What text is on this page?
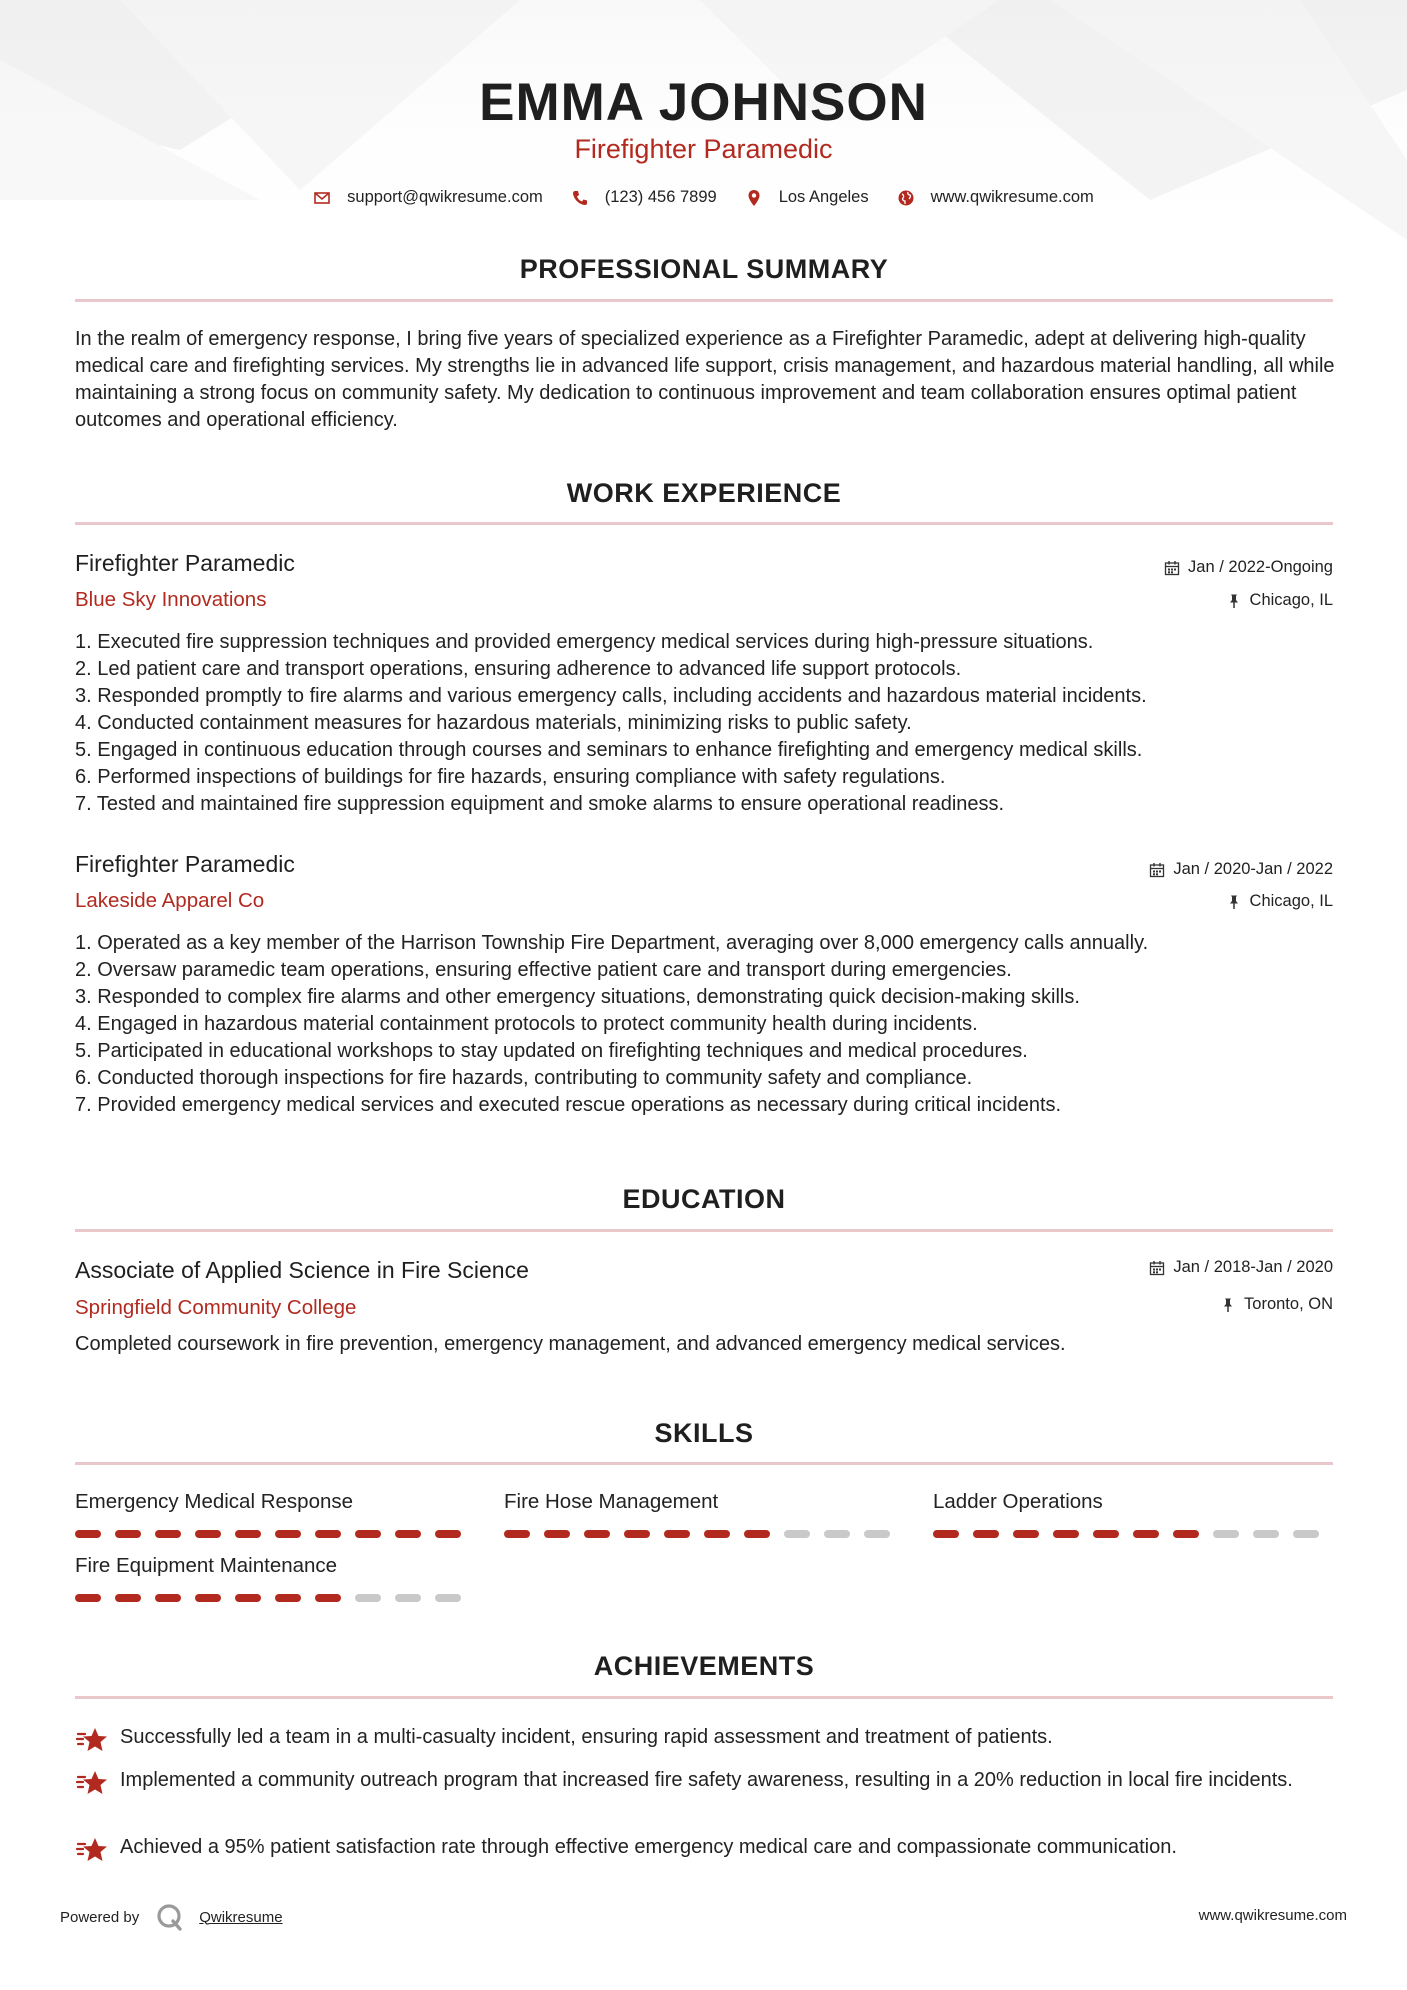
EMMA JOHNSON
Firefighter Paramedic
support@qwikresume.com	(123) 456 7899	Los Angeles	www.qwikresume.com
PROFESSIONAL SUMMARY
In the realm of emergency response, I bring five years of specialized experience as a Firefighter Paramedic, adept at delivering high-quality medical care and firefighting services. My strengths lie in advanced life support, crisis management, and hazardous material handling, all while maintaining a strong focus on community safety. My dedication to continuous improvement and team collaboration ensures optimal patient outcomes and operational efficiency.
WORK EXPERIENCE
Firefighter Paramedic	Jan / 2022-Ongoing
Blue Sky Innovations	Chicago, IL
1. Executed fire suppression techniques and provided emergency medical services during high-pressure situations.
2. Led patient care and transport operations, ensuring adherence to advanced life support protocols.
3. Responded promptly to fire alarms and various emergency calls, including accidents and hazardous material incidents.
4. Conducted containment measures for hazardous materials, minimizing risks to public safety.
5. Engaged in continuous education through courses and seminars to enhance firefighting and emergency medical skills.
6. Performed inspections of buildings for fire hazards, ensuring compliance with safety regulations.
7. Tested and maintained fire suppression equipment and smoke alarms to ensure operational readiness.
Firefighter Paramedic	Jan / 2020-Jan / 2022
Lakeside Apparel Co	Chicago, IL
1. Operated as a key member of the Harrison Township Fire Department, averaging over 8,000 emergency calls annually.
2. Oversaw paramedic team operations, ensuring effective patient care and transport during emergencies.
3. Responded to complex fire alarms and other emergency situations, demonstrating quick decision-making skills.
4. Engaged in hazardous material containment protocols to protect community health during incidents.
5. Participated in educational workshops to stay updated on firefighting techniques and medical procedures.
6. Conducted thorough inspections for fire hazards, contributing to community safety and compliance.
7. Provided emergency medical services and executed rescue operations as necessary during critical incidents.
EDUCATION
Associate of Applied Science in Fire Science	Jan / 2018-Jan / 2020
Springfield Community College	Toronto, ON
Completed coursework in fire prevention, emergency management, and advanced emergency medical services.
SKILLS
Emergency Medical Response	Fire Hose Management	Ladder Operations
Fire Equipment Maintenance
ACHIEVEMENTS
Successfully led a team in a multi-casualty incident, ensuring rapid assessment and treatment of patients.
Implemented a community outreach program that increased fire safety awareness, resulting in a 20% reduction in local fire incidents.
Achieved a 95% patient satisfaction rate through effective emergency medical care and compassionate communication.
Powered by	Qwikresume	www.qwikresume.com
